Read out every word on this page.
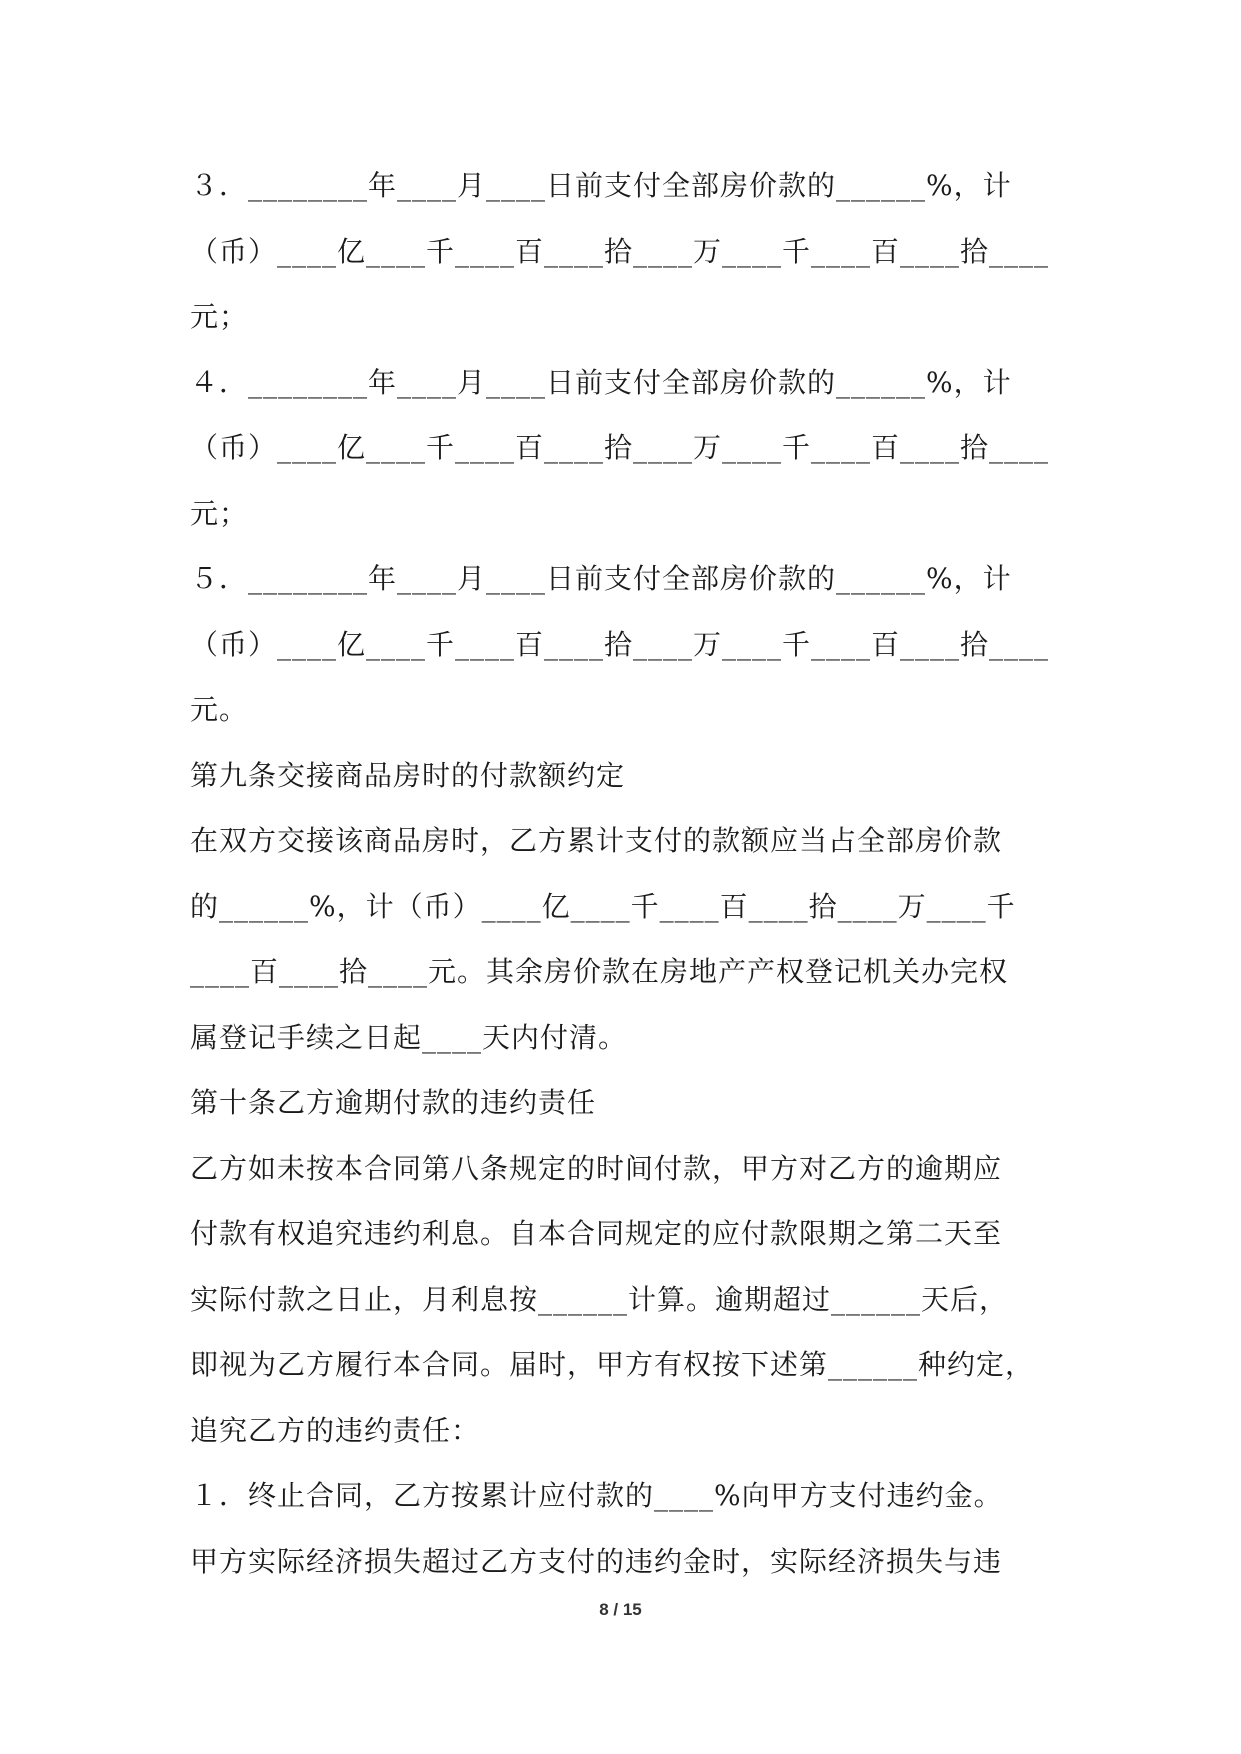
３．________年____月____日前支付全部房价款的______%，计
（币）____亿____千____百____拾____万____千____百____拾____
元；
４．________年____月____日前支付全部房价款的______%，计
（币）____亿____千____百____拾____万____千____百____拾____
元；
５．________年____月____日前支付全部房价款的______%，计
（币）____亿____千____百____拾____万____千____百____拾____
元。
第九条交接商品房时的付款额约定
在双方交接该商品房时，乙方累计支付的款额应当占全部房价款
的______%，计（币）____亿____千____百____拾____万____千
____百____拾____元。其余房价款在房地产产权登记机关办完权
属登记手续之日起____天内付清。
第十条乙方逾期付款的违约责任
乙方如未按本合同第八条规定的时间付款，甲方对乙方的逾期应
付款有权追究违约利息。自本合同规定的应付款限期之第二天至
实际付款之日止，月利息按______计算。逾期超过______天后，
即视为乙方履行本合同。届时，甲方有权按下述第______种约定，
追究乙方的违约责任：
１．终止合同，乙方按累计应付款的____%向甲方支付违约金。
甲方实际经济损失超过乙方支付的违约金时，实际经济损失与违
8 / 15
